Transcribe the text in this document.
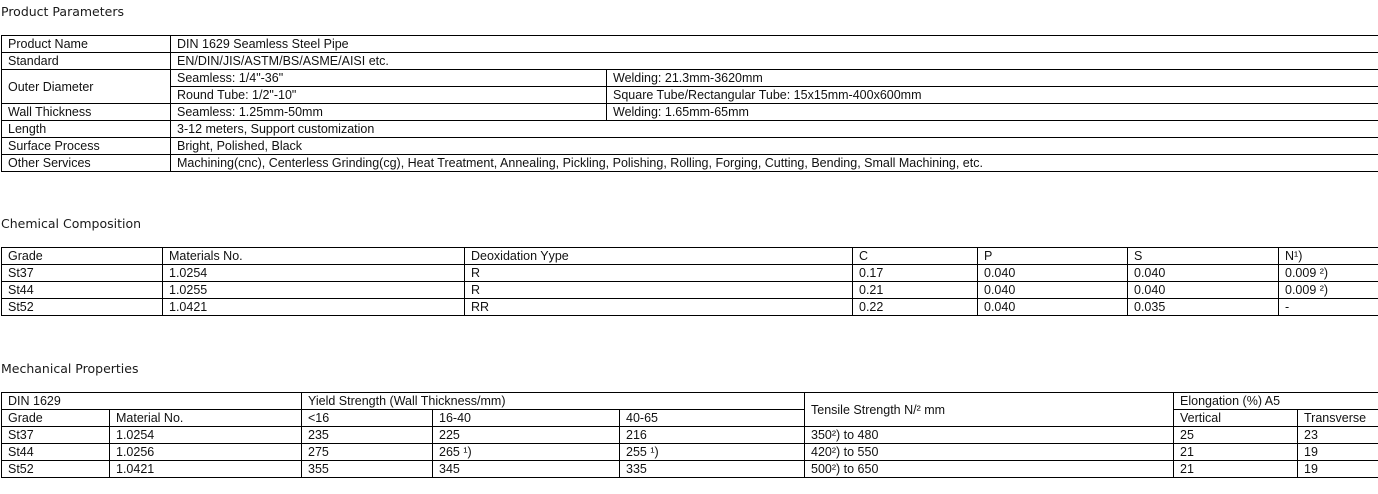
Product Parameters
Product Name	DIN 1629 Seamless Steel Pipe	
Standard	EN/DIN/JIS/ASTM/BS/ASME/AISI etc.	
Outer Diameter	Seamless: 1/4"-36"	Welding: 21.3mm-3620mm
	Round Tube: 1/2"-10"	Square Tube/Rectangular Tube: 15x15mm-400x600mm
Wall Thickness	Seamless: 1.25mm-50mm	Welding: 1.65mm-65mm
Length	3-12 meters, Support customization	
Surface Process	Bright, Polished, Black	
Other Services	Machining(cnc), Centerless Grinding(cg), Heat Treatment, Annealing, Pickling, Polishing, Rolling, Forging, Cutting, Bending, Small Machining, etc.	
Chemical Composition
Grade	Materials No.	Deoxidation Yype	C	P	S	N¹)
St37	1.0254	R	0.17	0.040	0.040	0.009 ²)
St44	1.0255	R	0.21	0.040	0.040	0.009 ²)
St52	1.0421	RR	0.22	0.040	0.035	-
Mechanical Properties
DIN 1629		Yield Strength (Wall Thickness/mm)			Tensile Strength N/² mm	Elongation (%) A5	
Grade	Material No.	<16	16-40	40-65		Vertical	Transverse
St37	1.0254	235	225	216	350²) to 480	25	23
St44	1.0256	275	265 ¹)	255 ¹)	420²) to 550	21	19
St52	1.0421	355	345	335	500²) to 650	21	19
